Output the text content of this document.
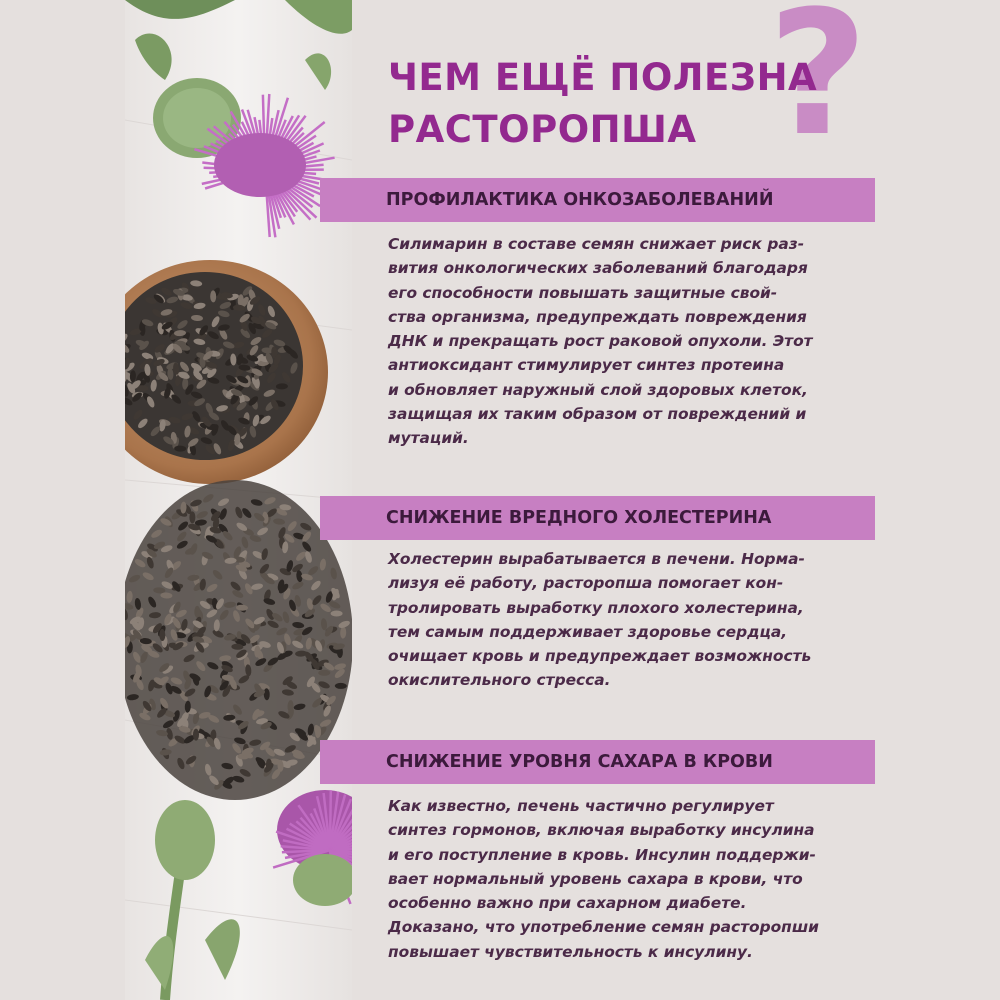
?
ЧЕМ ЕЩЁ ПОЛЕЗНА
РАСТОРОПША
ПРОФИЛАКТИКА ОНКОЗАБОЛЕВАНИЙ
Силимарин в составе семян снижает риск раз-
вития онкологических заболеваний благодаря
его способности повышать защитные свой-
ства организма, предупреждать повреждения
ДНК и прекращать рост раковой опухоли. Этот
антиоксидант стимулирует синтез протеина
и обновляет наружный слой здоровых клеток,
защищая их таким образом от повреждений и
мутаций.
СНИЖЕНИЕ ВРЕДНОГО ХОЛЕСТЕРИНА
Холестерин вырабатывается в печени. Норма-
лизуя её работу, расторопша помогает кон-
тролировать выработку плохого холестерина,
тем самым поддерживает здоровье сердца,
очищает кровь и предупреждает возможность
окислительного стресса.
СНИЖЕНИЕ УРОВНЯ САХАРА В КРОВИ
Как известно, печень частично регулирует
синтез гормонов, включая выработку инсулина
и его поступление в кровь. Инсулин поддержи-
вает нормальный уровень сахара в крови, что
особенно важно при сахарном диабете.
Доказано, что употребление семян расторопши
повышает чувствительность к инсулину.
